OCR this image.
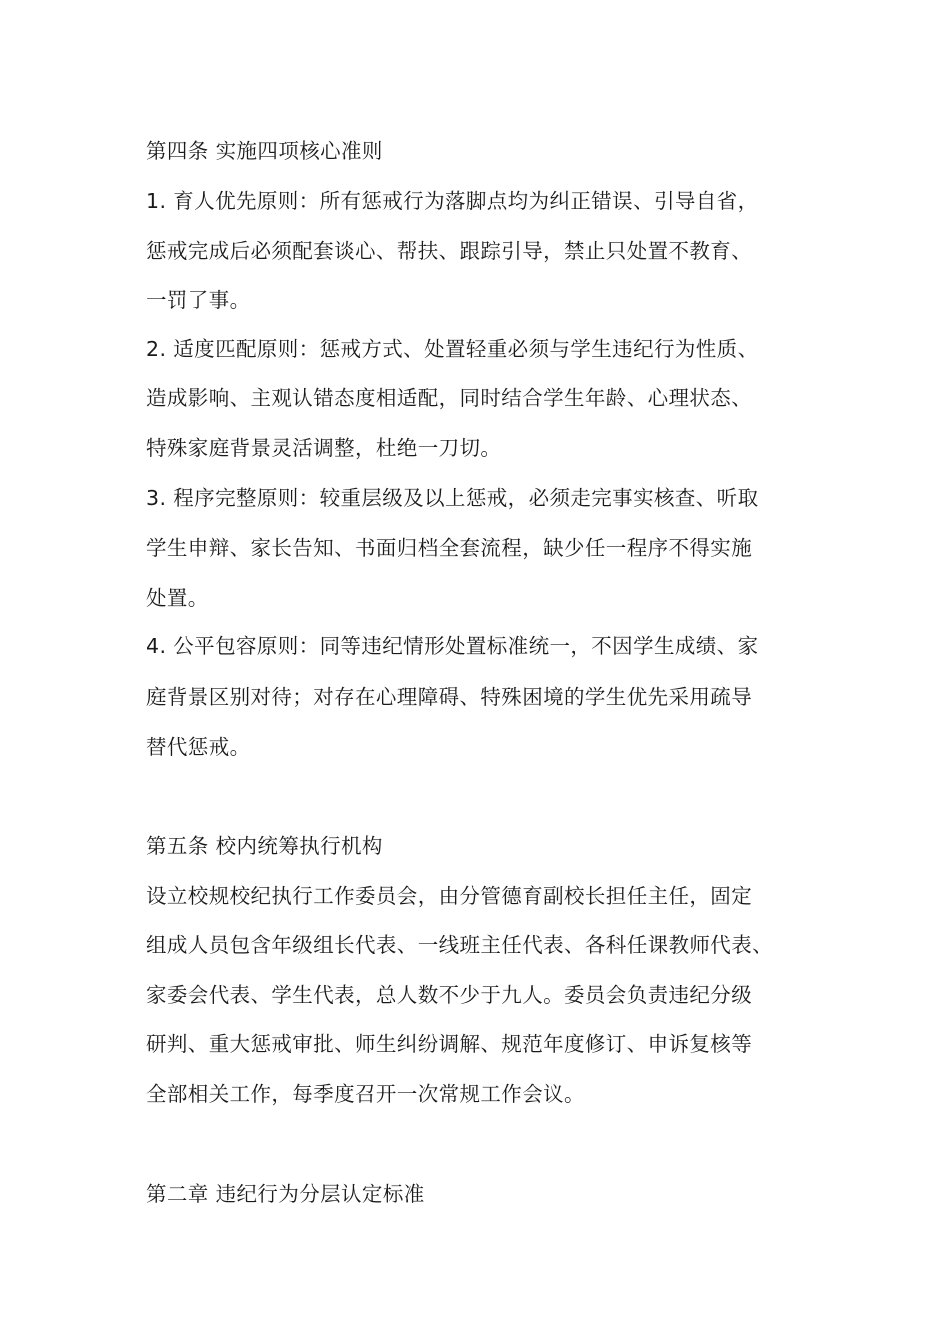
第四条 实施四项核心准则

1. 育人优先原则：所有惩戒行为落脚点均为纠正错误、引导自省，

惩戒完成后必须配套谈心、帮扶、跟踪引导，禁止只处置不教育、

一罚了事。

2. 适度匹配原则：惩戒方式、处置轻重必须与学生违纪行为性质、

造成影响、主观认错态度相适配，同时结合学生年龄、心理状态、

特殊家庭背景灵活调整，杜绝一刀切。

3. 程序完整原则：较重层级及以上惩戒，必须走完事实核查、听取

学生申辩、家长告知、书面归档全套流程，缺少任一程序不得实施

处置。

4. 公平包容原则：同等违纪情形处置标准统一，不因学生成绩、家

庭背景区别对待；对存在心理障碍、特殊困境的学生优先采用疏导

替代惩戒。

第五条 校内统筹执行机构

设立校规校纪执行工作委员会，由分管德育副校长担任主任，固定

组成人员包含年级组长代表、一线班主任代表、各科任课教师代表、

家委会代表、学生代表，总人数不少于九人。委员会负责违纪分级

研判、重大惩戒审批、师生纠纷调解、规范年度修订、申诉复核等

全部相关工作，每季度召开一次常规工作会议。

第二章 违纪行为分层认定标准
